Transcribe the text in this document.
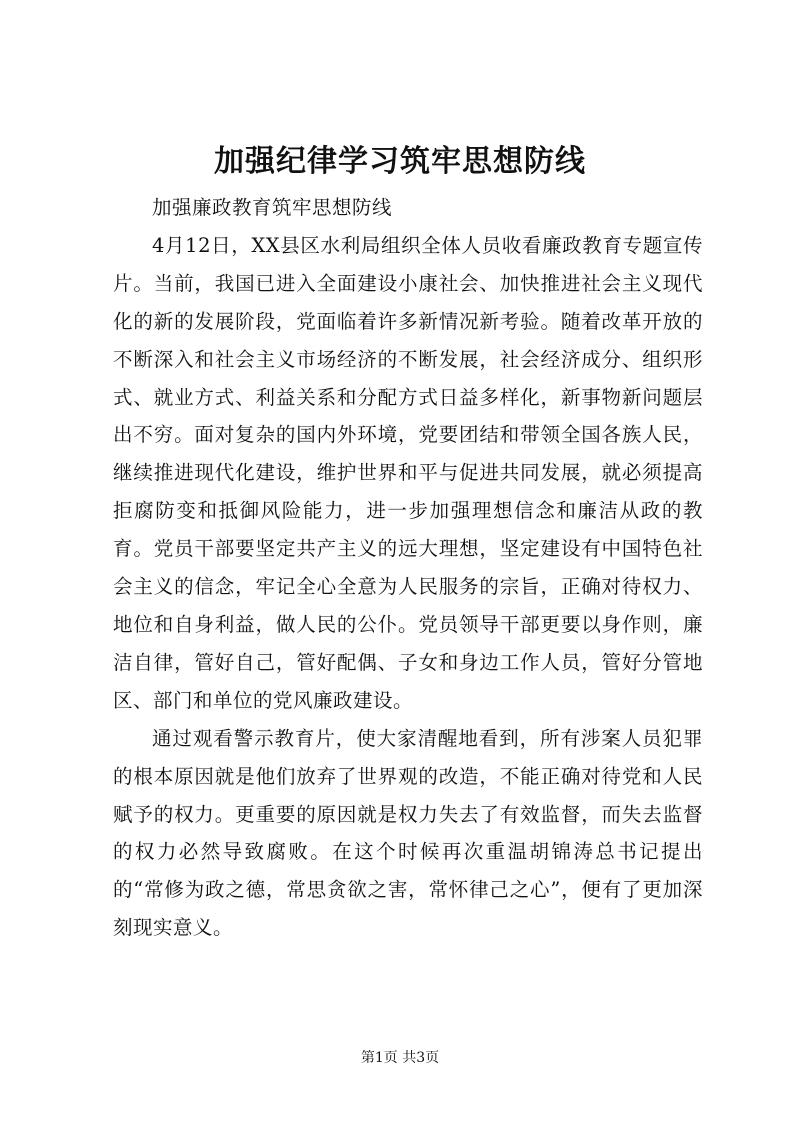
加强纪律学习筑牢思想防线

加强廉政教育筑牢思想防线

4月12日，XX县区水利局组织全体人员收看廉政教育专题宣传片。当前，我国已进入全面建设小康社会、加快推进社会主义现代化的新的发展阶段，党面临着许多新情况新考验。随着改革开放的不断深入和社会主义市场经济的不断发展，社会经济成分、组织形式、就业方式、利益关系和分配方式日益多样化，新事物新问题层出不穷。面对复杂的国内外环境，党要团结和带领全国各族人民，继续推进现代化建设，维护世界和平与促进共同发展，就必须提高拒腐防变和抵御风险能力，进一步加强理想信念和廉洁从政的教育。党员干部要坚定共产主义的远大理想，坚定建设有中国特色社会主义的信念，牢记全心全意为人民服务的宗旨，正确对待权力、地位和自身利益，做人民的公仆。党员领导干部更要以身作则，廉洁自律，管好自己，管好配偶、子女和身边工作人员，管好分管地区、部门和单位的党风廉政建设。

通过观看警示教育片，使大家清醒地看到，所有涉案人员犯罪的根本原因就是他们放弃了世界观的改造，不能正确对待党和人民赋予的权力。更重要的原因就是权力失去了有效监督，而失去监督的权力必然导致腐败。在这个时候再次重温胡锦涛总书记提出的“常修为政之德，常思贪欲之害，常怀律己之心”，便有了更加深刻现实意义。

第1页 共3页
